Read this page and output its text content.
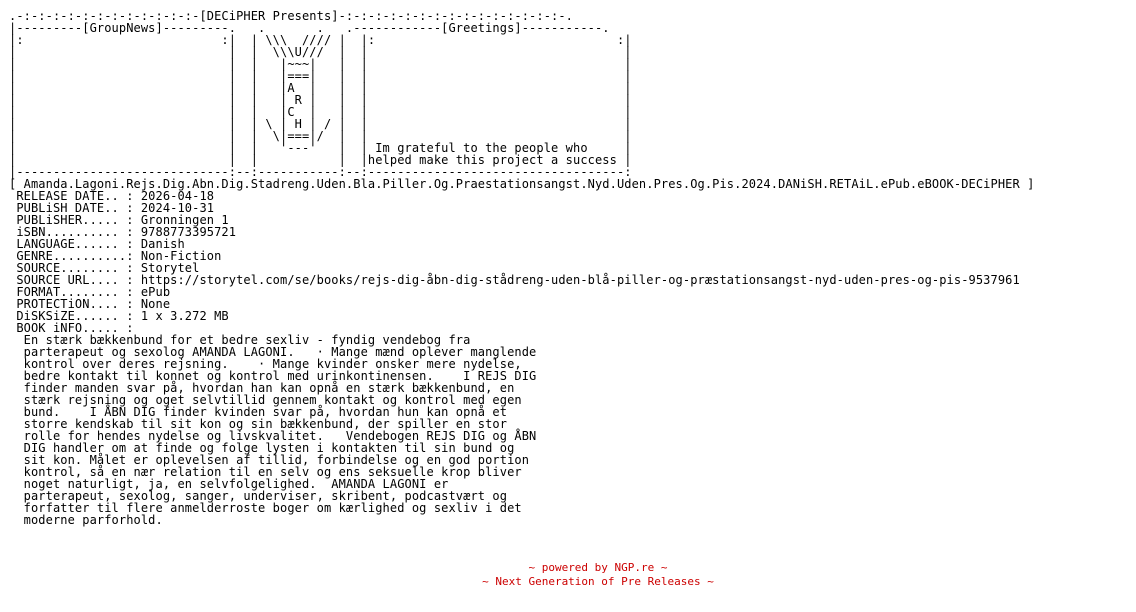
.-:-:-:-:-:-:-:-:-:-:-:-:-[DECiPHER Presents]-:-:-:-:-:-:-:-:-:-:-:-:-:-:-:-.
|---------[GroupNews]---------.   .       .   .------------[Greetings]-----------.
|:                           :|  | \\\  //// |  |:                                 :|
|                             |  |  \\\U///  |  |                                   |
|                             |  |   |~~~|   |  |                                   |
|                             |  |   |===|   |  |                                   |
|                             |  |   |A  |   |  |                                   |
|                             |  |   | R |   |  |                                   |
|                             |  |   |C  |   |  |                                   |
|                             |  | \ | H | / |  |                                   |
|                             |  |  \|===|/  |  |                                   |
|                             |  |   '---'   |  | Im grateful to the people who     |
|                             |  |           |  |helped make this project a success |
|-----------------------------:--:-----------:--:-----------------------------------:
[ Amanda.Lagoni.Rejs.Dig.Abn.Dig.Stadreng.Uden.Bla.Piller.Og.Praestationsangst.Nyd.Uden.Pres.Og.Pis.2024.DANiSH.RETAiL.ePub.eBOOK-DECiPHER ]
RELEASE DATE.. : 2026-04-18
PUBLiSH DATE.. : 2024-10-31
PUBLiSHER..... : Gronningen 1
iSBN.......... : 9788773395721
LANGUAGE...... : Danish
GENRE..........: Non-Fiction
SOURCE........ : Storytel
SOURCE URL.... : https://storytel.com/se/books/rejs-dig-åbn-dig-stådreng-uden-blå-piller-og-præstationsangst-nyd-uden-pres-og-pis-9537961
FORMAT........ : ePub
PROTECTiON.... : None
DiSKSiZE...... : 1 x 3.272 MB
BOOK iNFO..... :
En stærk bækkenbund for et bedre sexliv - fyndig vendebog fra
parterapeut og sexolog AMANDA LAGONI.   · Mange mænd oplever manglende
kontrol over deres rejsning.    · Mange kvinder onsker mere nydelse,
bedre kontakt til konnet og kontrol med urinkontinensen.    I REJS DIG
finder manden svar på, hvordan han kan opnå en stærk bækkenbund, en
stærk rejsning og oget selvtillid gennem kontakt og kontrol med egen
bund.    I ÅBN DIG finder kvinden svar på, hvordan hun kan opnå et
storre kendskab til sit kon og sin bækkenbund, der spiller en stor
rolle for hendes nydelse og livskvalitet.   Vendebogen REJS DIG og ÅBN
DIG handler om at finde og folge lysten i kontakten til sin bund og
sit kon. Målet er oplevelsen af tillid, forbindelse og en god portion
kontrol, så en nær relation til en selv og ens seksuelle krop bliver
noget naturligt, ja, en selvfolgelighed.  AMANDA LAGONI er
parterapeut, sexolog, sanger, underviser, skribent, podcastvært og
forfatter til flere anmelderroste boger om kærlighed og sexliv i det
moderne parforhold.
~ powered by NGP.re ~
~ Next Generation of Pre Releases ~
